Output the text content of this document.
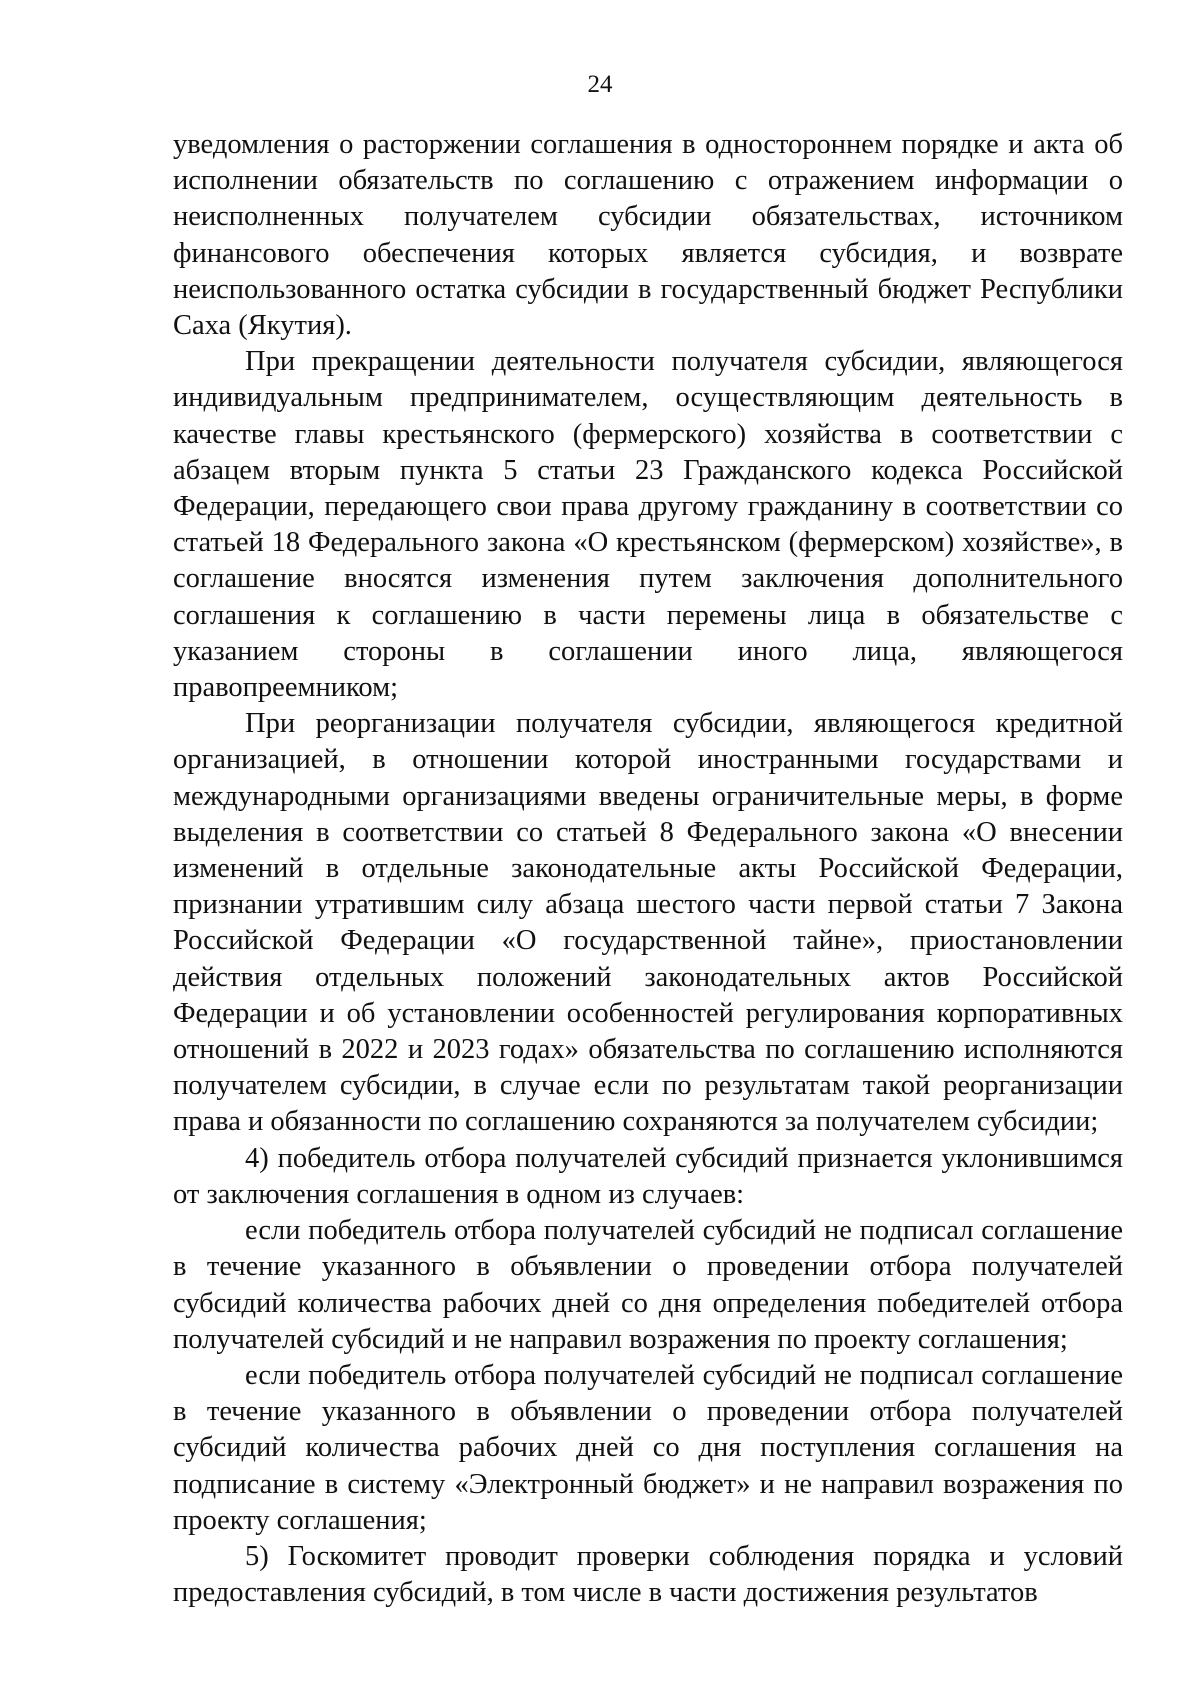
24

уведомления о расторжении соглашения в одностороннем порядке и акта об исполнении обязательств по соглашению с отражением информации о неисполненных получателем субсидии обязательствах, источником финансового обеспечения которых является субсидия, и возврате неиспользованного остатка субсидии в государственный бюджет Республики Саха (Якутия).

При прекращении деятельности получателя субсидии, являющегося индивидуальным предпринимателем, осуществляющим деятельность в качестве главы крестьянского (фермерского) хозяйства в соответствии с абзацем вторым пункта 5 статьи 23 Гражданского кодекса Российской Федерации, передающего свои права другому гражданину в соответствии со статьей 18 Федерального закона «О крестьянском (фермерском) хозяйстве», в соглашение вносятся изменения путем заключения дополнительного соглашения к соглашению в части перемены лица в обязательстве с указанием стороны в соглашении иного лица, являющегося правопреемником;

При реорганизации получателя субсидии, являющегося кредитной организацией, в отношении которой иностранными государствами и международными организациями введены ограничительные меры, в форме выделения в соответствии со статьей 8 Федерального закона «О внесении изменений в отдельные законодательные акты Российской Федерации, признании утратившим силу абзаца шестого части первой статьи 7 Закона Российской Федерации «О государственной тайне», приостановлении действия отдельных положений законодательных актов Российской Федерации и об установлении особенностей регулирования корпоративных отношений в 2022 и 2023 годах» обязательства по соглашению исполняются получателем субсидии, в случае если по результатам такой реорганизации права и обязанности по соглашению сохраняются за получателем субсидии;

4) победитель отбора получателей субсидий признается уклонившимся от заключения соглашения в одном из случаев:

если победитель отбора получателей субсидий не подписал соглашение в течение указанного в объявлении о проведении отбора получателей субсидий количества рабочих дней со дня определения победителей отбора получателей субсидий и не направил возражения по проекту соглашения;

если победитель отбора получателей субсидий не подписал соглашение в течение указанного в объявлении о проведении отбора получателей субсидий количества рабочих дней со дня поступления соглашения на подписание в систему «Электронный бюджет» и не направил возражения по проекту соглашения;

5) Госкомитет проводит проверки соблюдения порядка и условий предоставления субсидий, в том числе в части достижения результатов
